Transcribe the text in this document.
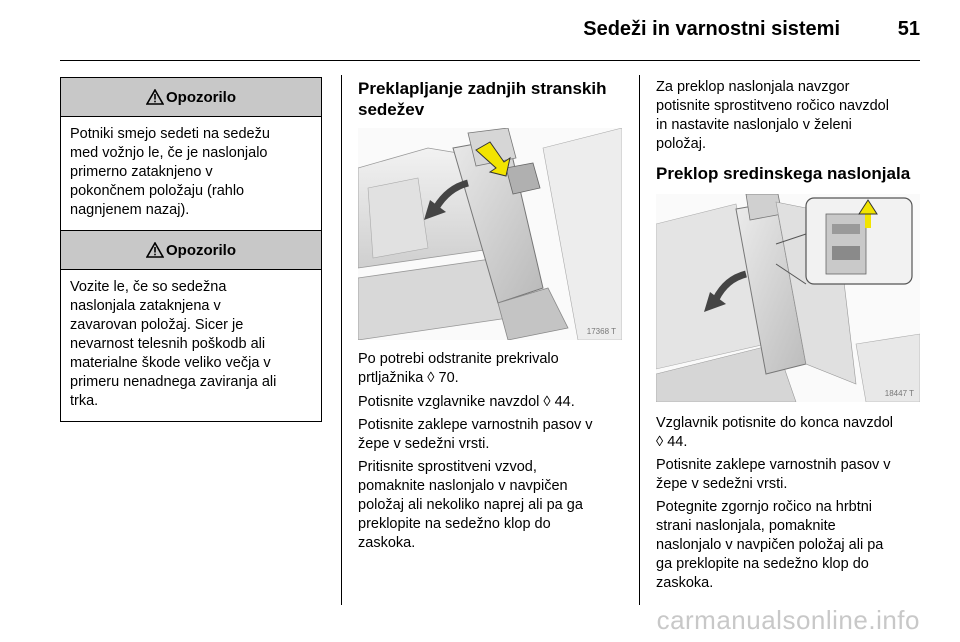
Sedeži in varnostni sistemi	51
Opozorilo
Potniki smejo sedeti na sedežu
med vožnjo le, če je naslonjalo
primerno zataknjeno v
pokončnem položaju (rahlo
nagnjenem nazaj).
Opozorilo
Vozite le, če so sedežna
naslonjala zataknjena v
zavarovan položaj. Sicer je
nevarnost telesnih poškodb ali
materialne škode veliko večja v
primeru nenadnega zaviranja ali
trka.
Preklapljanje zadnjih stranskih
sedežev
17368 T
Po potrebi odstranite prekrivalo
prtljažnika ◊ 70.
Potisnite vzglavnike navzdol ◊ 44.
Potisnite zaklepe varnostnih pasov v
žepe v sedežni vrsti.
Pritisnite sprostitveni vzvod,
pomaknite naslonjalo v navpičen
položaj ali nekoliko naprej ali pa ga
preklopite na sedežno klop do
zaskoka.
Za preklop naslonjala navzgor
potisnite sprostitveno ročico navzdol
in nastavite naslonjalo v želeni
položaj.
Preklop sredinskega naslonjala
18447 T
Vzglavnik potisnite do konca navzdol
◊ 44.
Potisnite zaklepe varnostnih pasov v
žepe v sedežni vrsti.
Potegnite zgornjo ročico na hrbtni
strani naslonjala, pomaknite
naslonjalo v navpičen položaj ali pa
ga preklopite na sedežno klop do
zaskoka.
carmanualsonline.info
